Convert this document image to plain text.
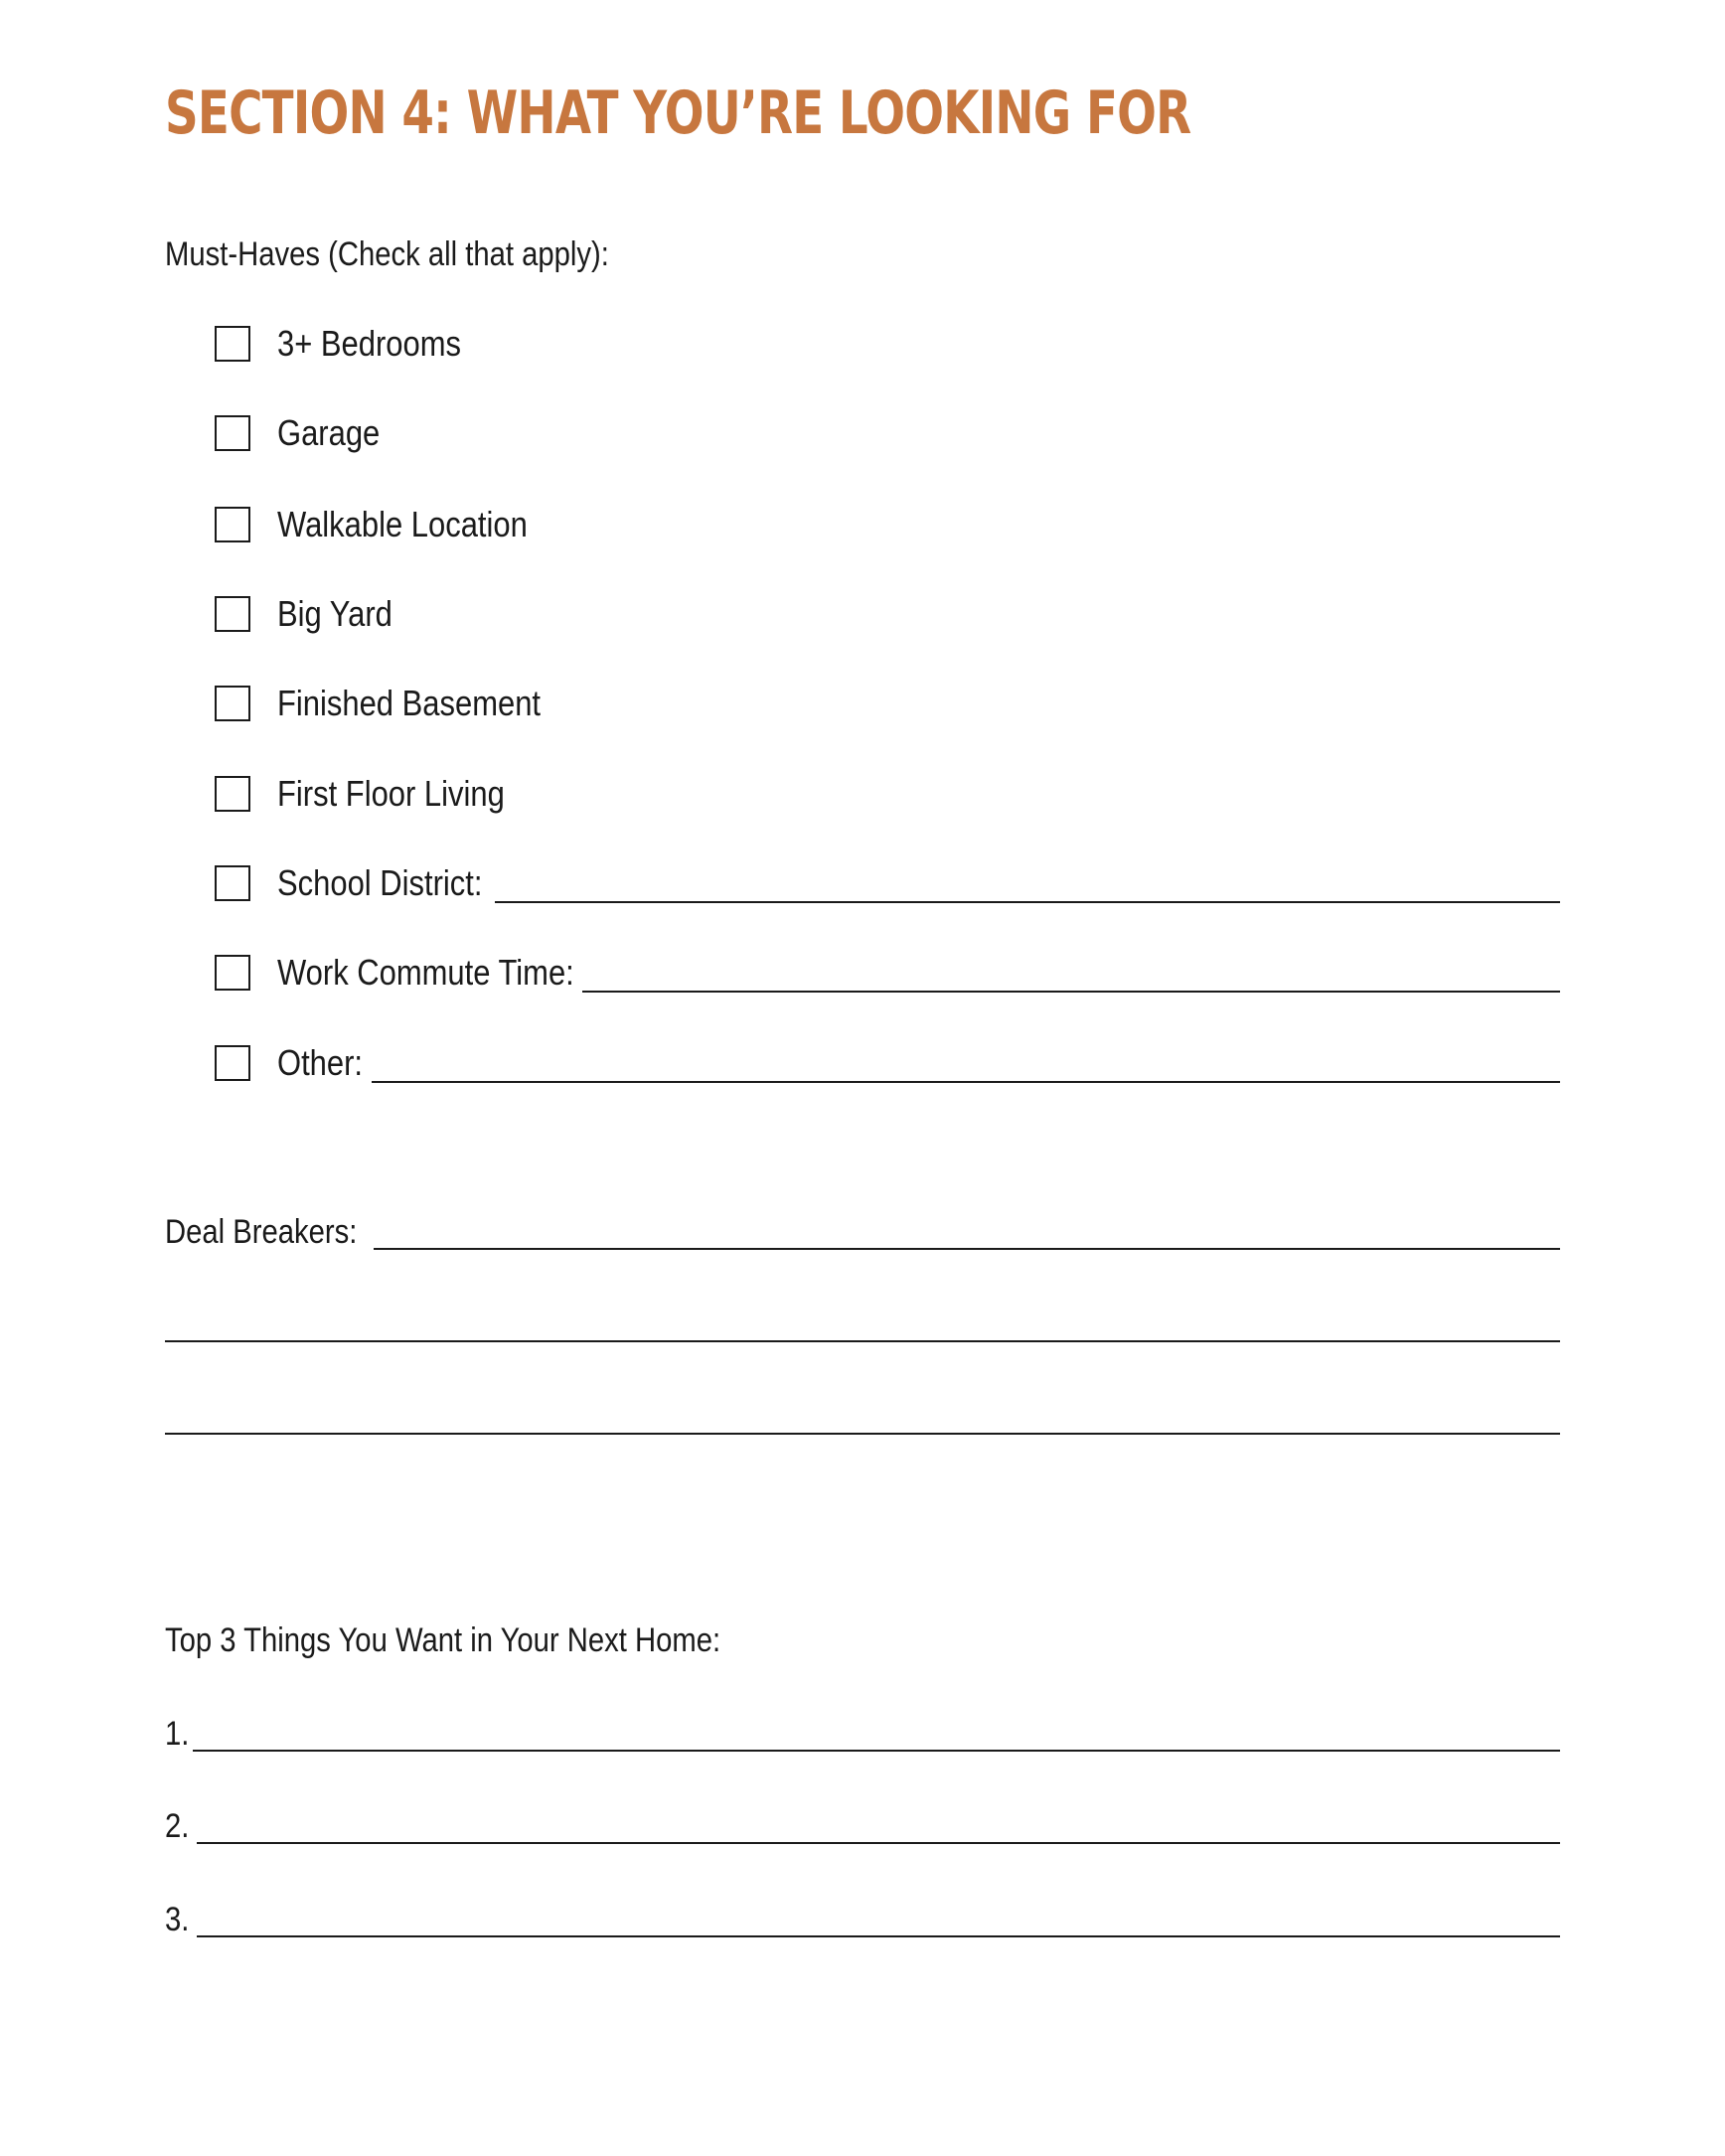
SECTION 4: WHAT YOU’RE LOOKING FOR
Must-Haves (Check all that apply):
3+ Bedrooms
Garage
Walkable Location
Big Yard
Finished Basement
First Floor Living
School District:
Work Commute Time:
Other:
Deal Breakers:
Top 3 Things You Want in Your Next Home:
1.
2.
3.
